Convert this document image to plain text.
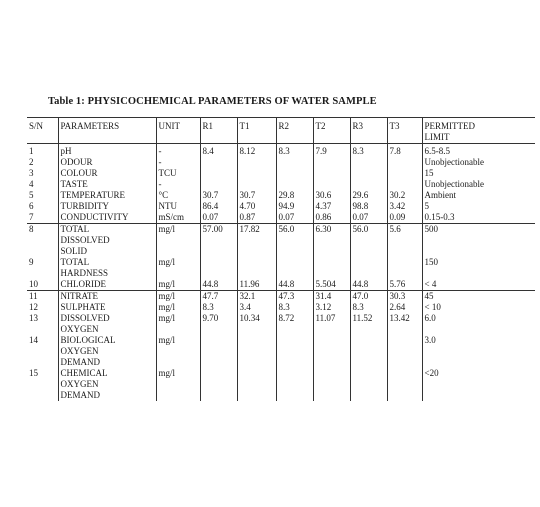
Table 1: PHYSICOCHEMICAL PARAMETERS OF WATER SAMPLE
S/N	PARAMETERS	UNIT	R1	T1	R2	T2	R3	T3	PERMITTED
LIMIT
1	pH	-	8.4	8.12	8.3	7.9	8.3	7.8	6.5-8.5
2	ODOUR	-							Unobjectionable
3	COLOUR	TCU							15
4	TASTE	-							Unobjectionable
5	TEMPERATURE	°C	30.7	30.7	29.8	30.6	29.6	30.2	Ambient
6	TURBIDITY	NTU	86.4	4.70	94.9	4.37	98.8	3.42	5
7	CONDUCTIVITY	mS/cm	0.07	0.87	0.07	0.86	0.07	0.09	0.15-0.3
8	TOTAL
DISSOLVED
SOLID	mg/l	57.00	17.82	56.0	6.30	56.0	5.6	500
9	TOTAL
HARDNESS	mg/l							150
10	CHLORIDE	mg/l	44.8	11.96	44.8	5.504	44.8	5.76	< 4
11	NITRATE	mg/l	47.7	32.1	47.3	31.4	47.0	30.3	45
12	SULPHATE	mg/l	8.3	3.4	8.3	3.12	8.3	2.64	< 10
13	DISSOLVED
OXYGEN	mg/l	9.70	10.34	8.72	11.07	11.52	13.42	6.0
14	BIOLOGICAL
OXYGEN
DEMAND	mg/l							3.0
15	CHEMICAL
OXYGEN
DEMAND	mg/l							<20
